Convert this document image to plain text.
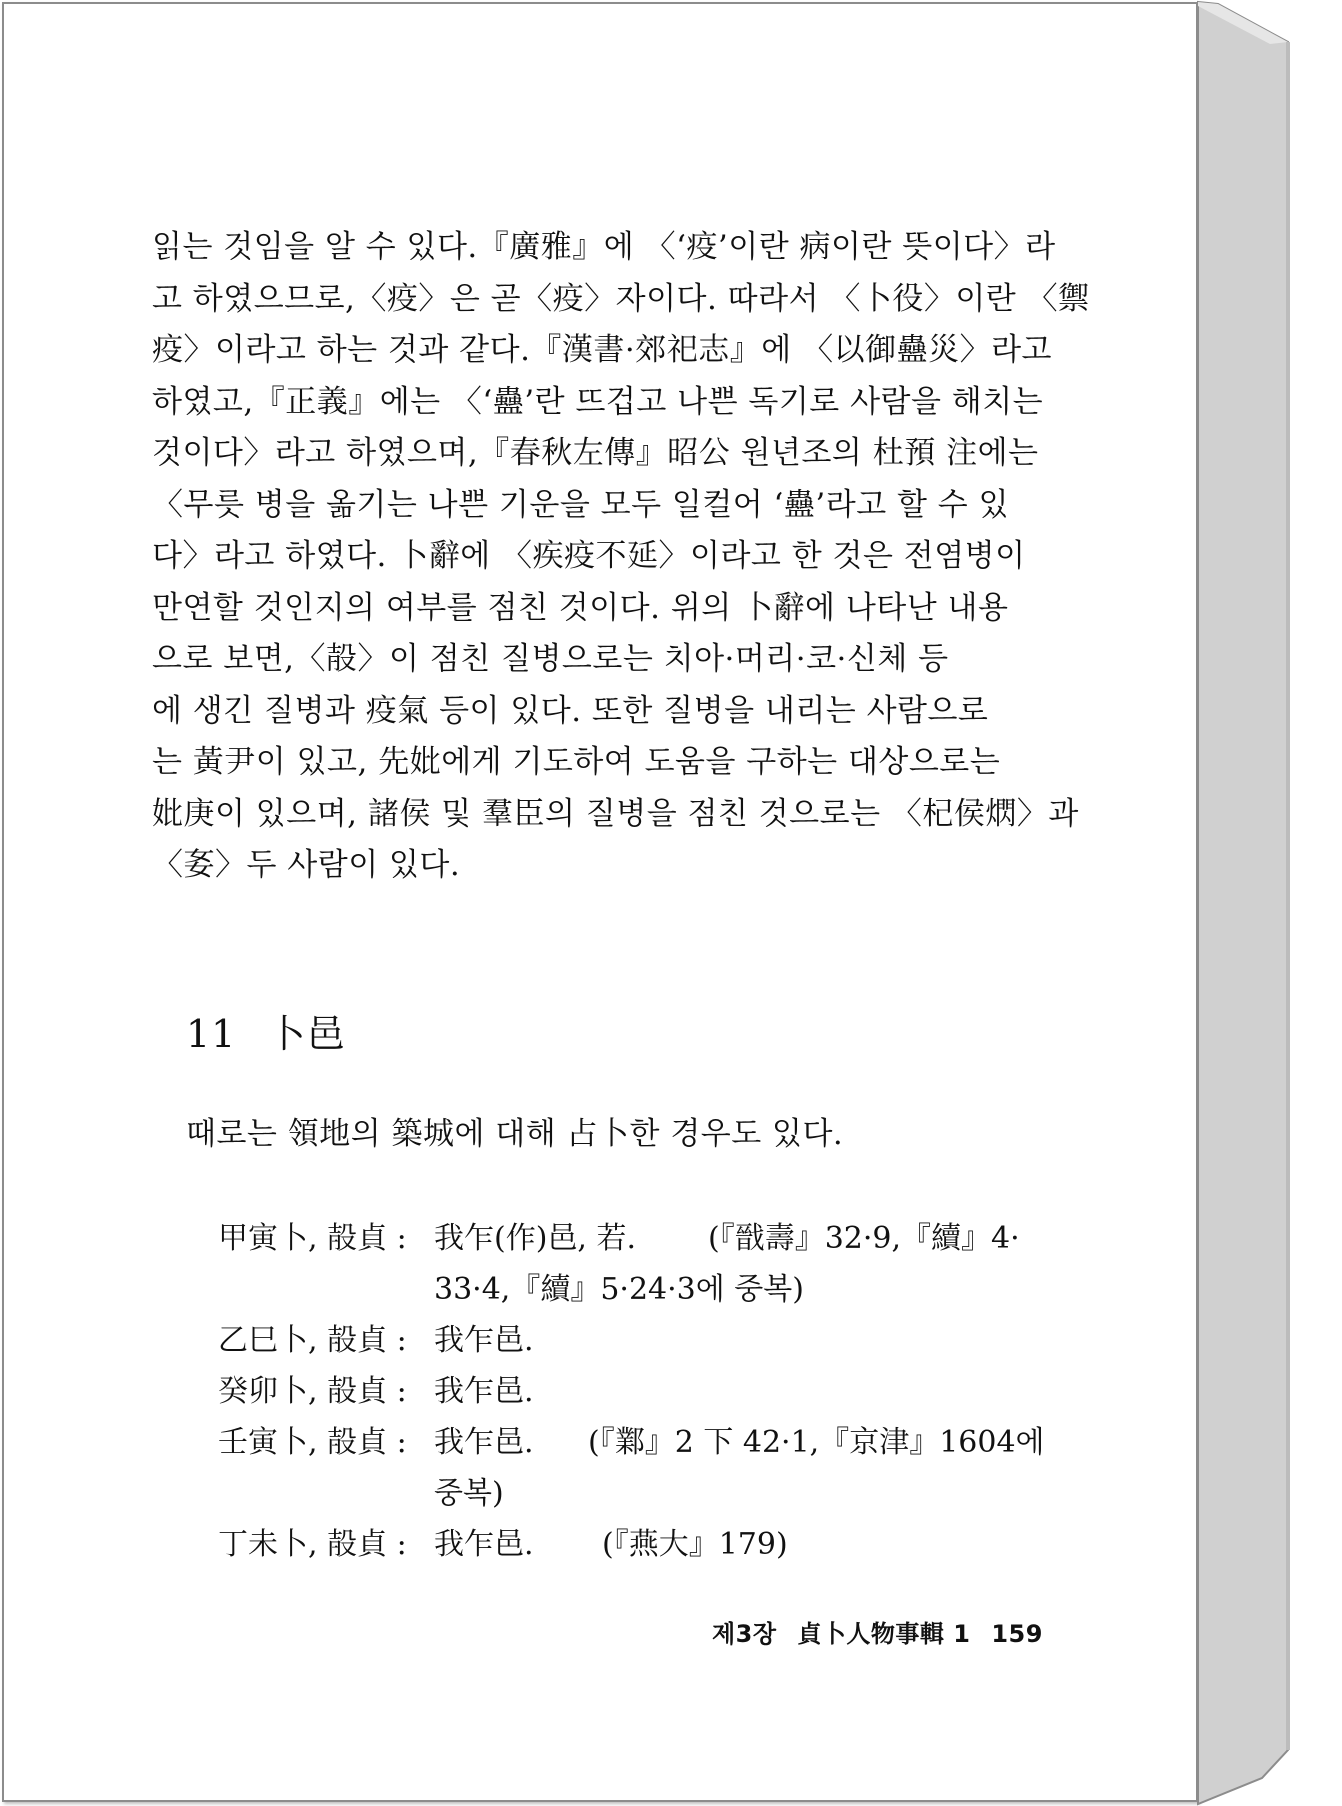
읽는 것임을 알 수 있다.『廣雅』에 〈‘疫’이란 病이란 뜻이다〉라
고 하였으므로,〈疫〉은 곧〈疫〉자이다. 따라서 〈卜役〉이란 〈禦
疫〉이라고 하는 것과 같다.『漢書·郊祀志』에 〈以御蠱災〉라고
하였고,『正義』에는 〈‘蠱’란 뜨겁고 나쁜 독기로 사람을 해치는
것이다〉라고 하였으며,『春秋左傳』昭公 원년조의 杜預 注에는
〈무릇 병을 옮기는 나쁜 기운을 모두 일컬어 ‘蠱’라고 할 수 있
다〉라고 하였다. 卜辭에 〈疾疫不延〉이라고 한 것은 전염병이
만연할 것인지의 여부를 점친 것이다. 위의 卜辭에 나타난 내용
으로 보면,〈㱿〉이 점친 질병으로는 치아·머리·코·신체 등
에 생긴 질병과 疫氣 등이 있다. 또한 질병을 내리는 사람으로
는 黃尹이 있고, 先妣에게 기도하여 도움을 구하는 대상으로는
妣庚이 있으며, 諸侯 및 羣臣의 질병을 점친 것으로는 〈杞侯熌〉과
〈㚣〉두 사람이 있다.
11 卜邑
때로는 領地의 築城에 대해 占卜한 경우도 있다.
甲寅卜, 㱿貞 : 我乍(作)邑, 若. (『戩壽』32·9,『續』4·
33·4,『續』5·24·3에 중복)
乙巳卜, 㱿貞 : 我乍邑.
癸卯卜, 㱿貞 : 我乍邑.
壬寅卜, 㱿貞 : 我乍邑. (『鄴』2 下 42·1,『京津』1604에
중복)
丁未卜, 㱿貞 : 我乍邑. (『燕大』179)
제3장 貞卜人物事輯 1 159
